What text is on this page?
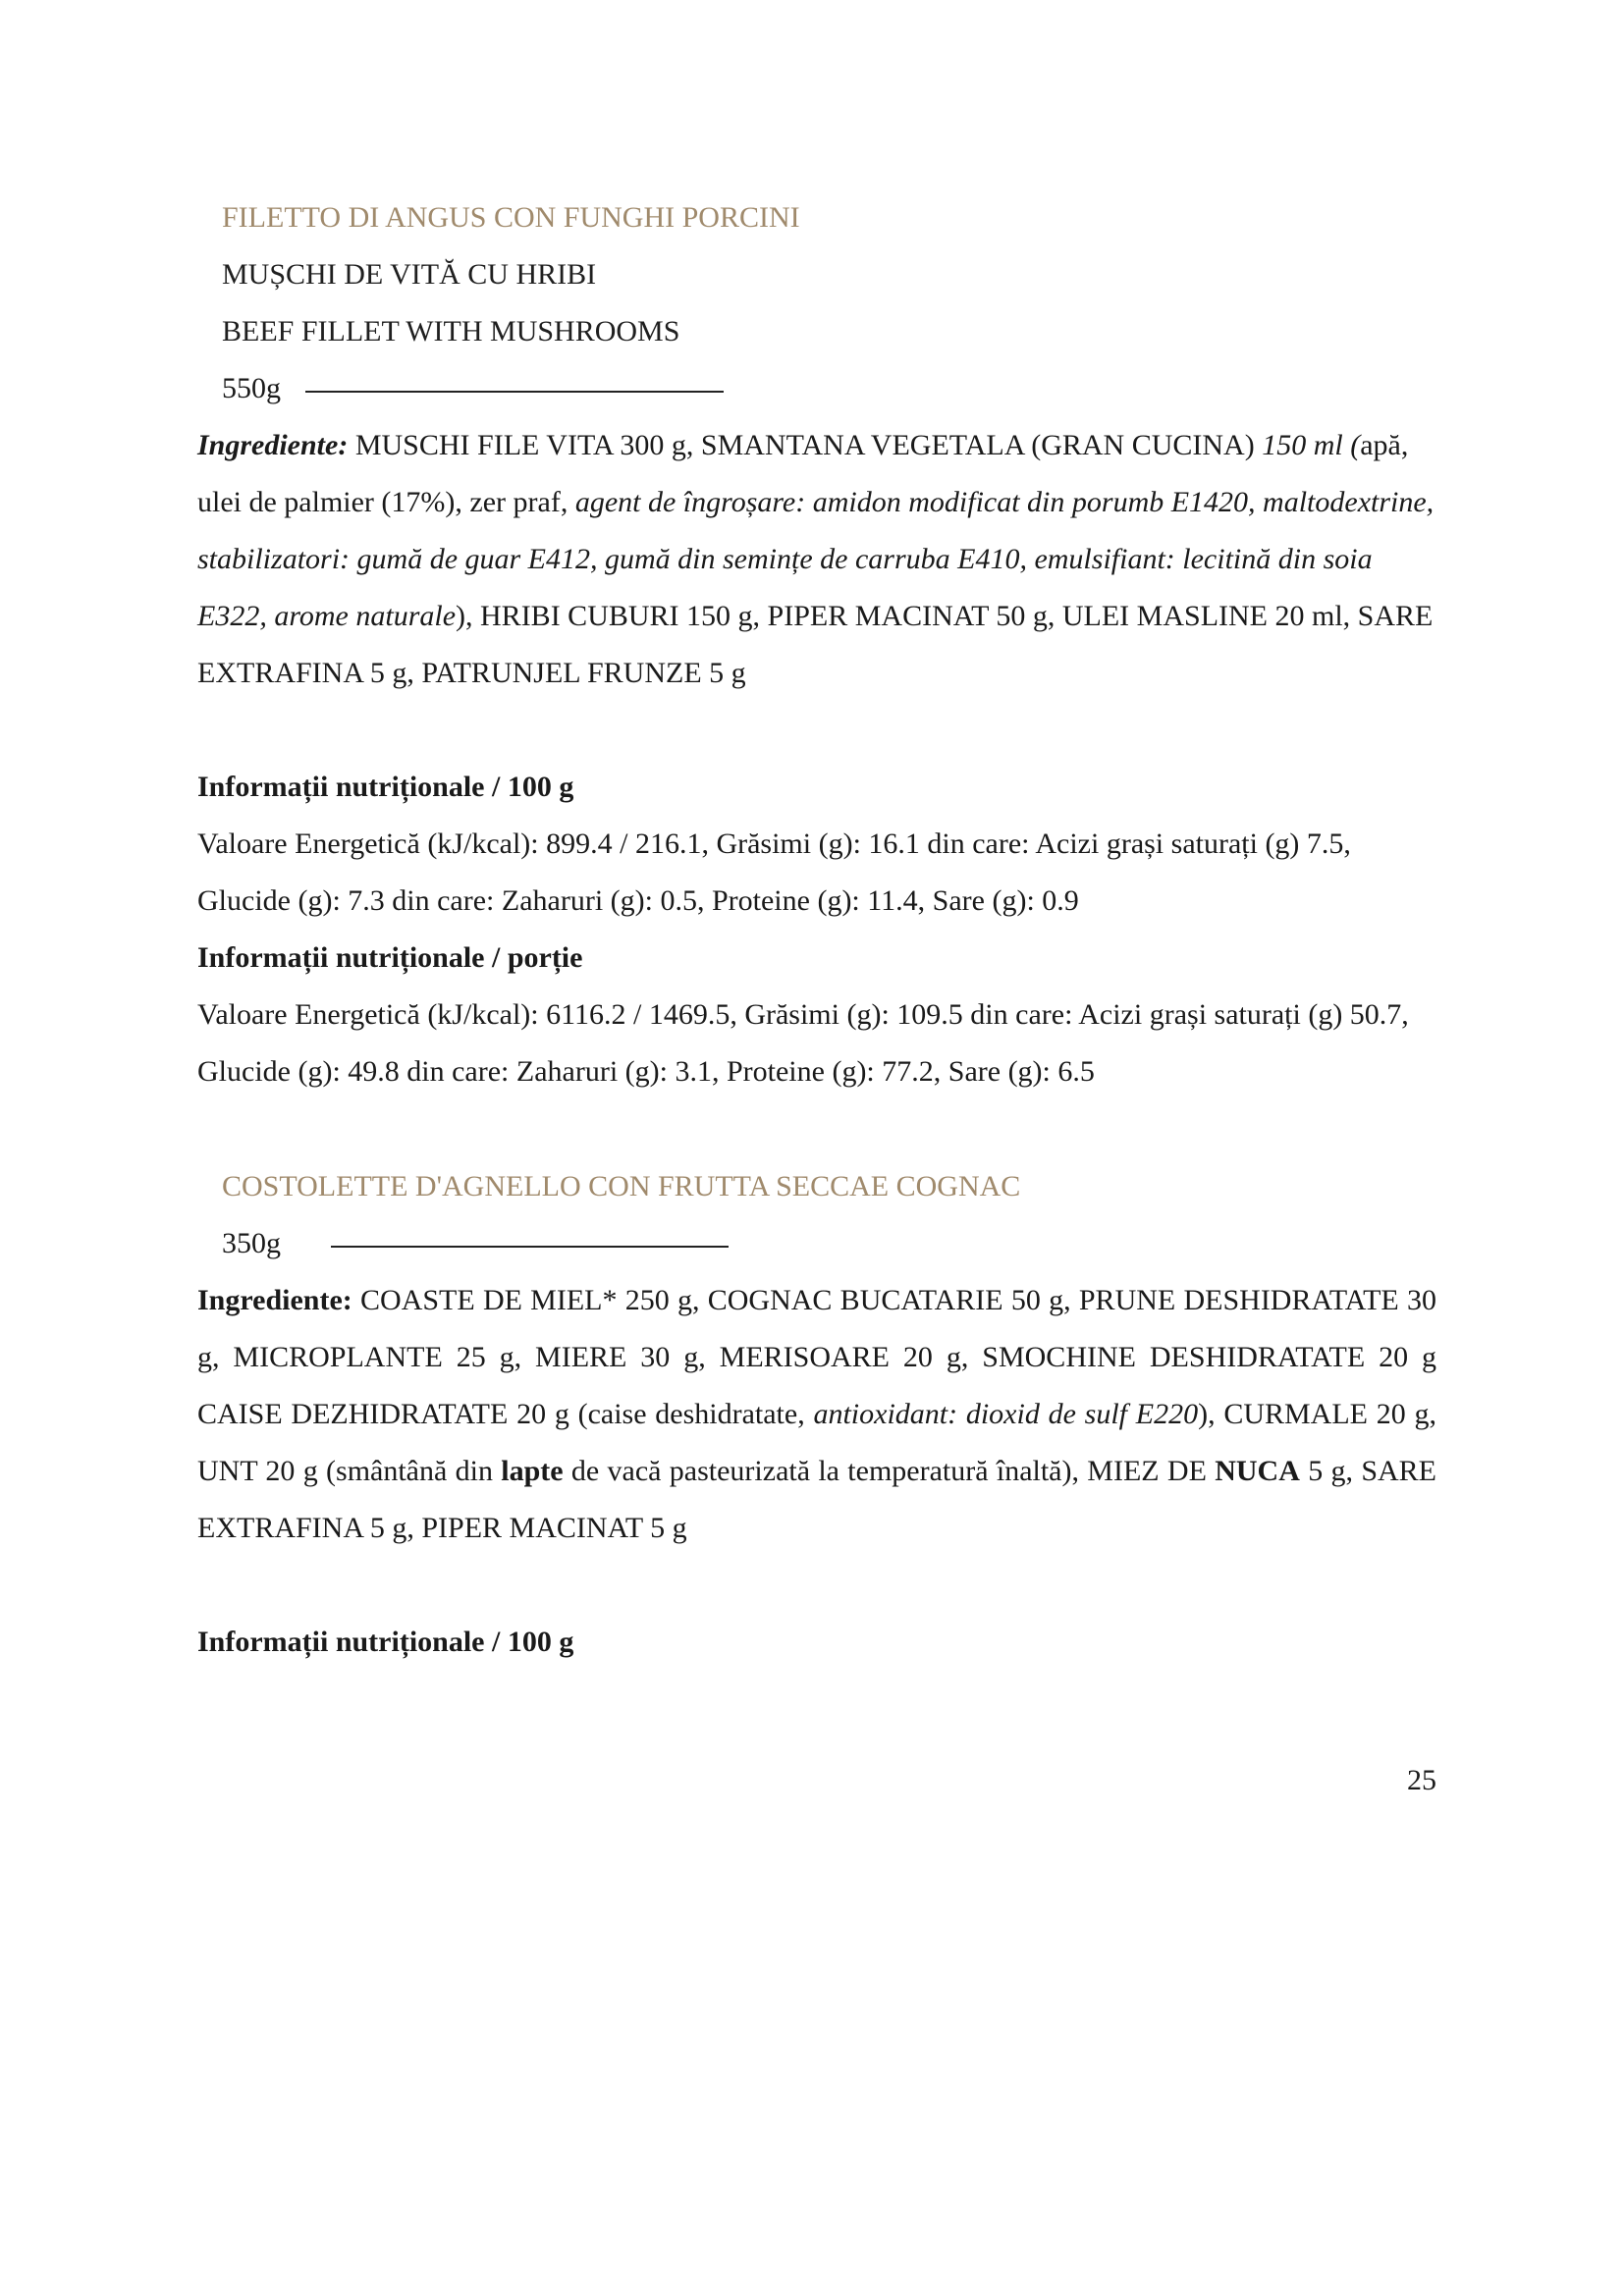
FILETTO DI ANGUS CON FUNGHI PORCINI
MUȘCHI DE VITĂ CU HRIBI
BEEF FILLET WITH MUSHROOMS
550g
Ingrediente: MUSCHI FILE VITA 300 g, SMANTANA VEGETALA (GRAN CUCINA) 150 ml (apă, ulei de palmier (17%), zer praf, agent de îngroșare: amidon modificat din porumb E1420, maltodextrine, stabilizatori: gumă de guar E412, gumă din semințe de carruba E410, emulsifiant: lecitină din soia E322, arome naturale), HRIBI CUBURI 150 g, PIPER MACINAT 50 g, ULEI MASLINE 20 ml, SARE EXTRAFINA 5 g, PATRUNJEL FRUNZE 5 g
Informații nutriționale / 100 g
Valoare Energetică (kJ/kcal): 899.4 / 216.1, Grăsimi (g): 16.1 din care: Acizi grași saturați (g) 7.5, Glucide (g): 7.3 din care: Zaharuri (g): 0.5, Proteine (g): 11.4, Sare (g): 0.9
Informații nutriționale / porție
Valoare Energetică (kJ/kcal): 6116.2 / 1469.5, Grăsimi (g): 109.5 din care: Acizi grași saturați (g) 50.7, Glucide (g): 49.8 din care: Zaharuri (g): 3.1, Proteine (g): 77.2, Sare (g): 6.5
COSTOLETTE D'AGNELLO CON FRUTTA SECCAE COGNAC
350g
Ingrediente: COASTE DE MIEL* 250 g, COGNAC BUCATARIE 50 g, PRUNE DESHIDRATATE 30 g, MICROPLANTE 25 g, MIERE 30 g, MERISOARE 20 g, SMOCHINE DESHIDRATATE 20 g CAISE DEZHIDRATATE 20 g (caise deshidratate, antioxidant: dioxid de sulf E220), CURMALE 20 g, UNT 20 g (smântână din lapte de vacă pasteurizată la temperatură înaltă), MIEZ DE NUCA 5 g, SARE EXTRAFINA 5 g, PIPER MACINAT 5 g
Informații nutriționale / 100 g
25
